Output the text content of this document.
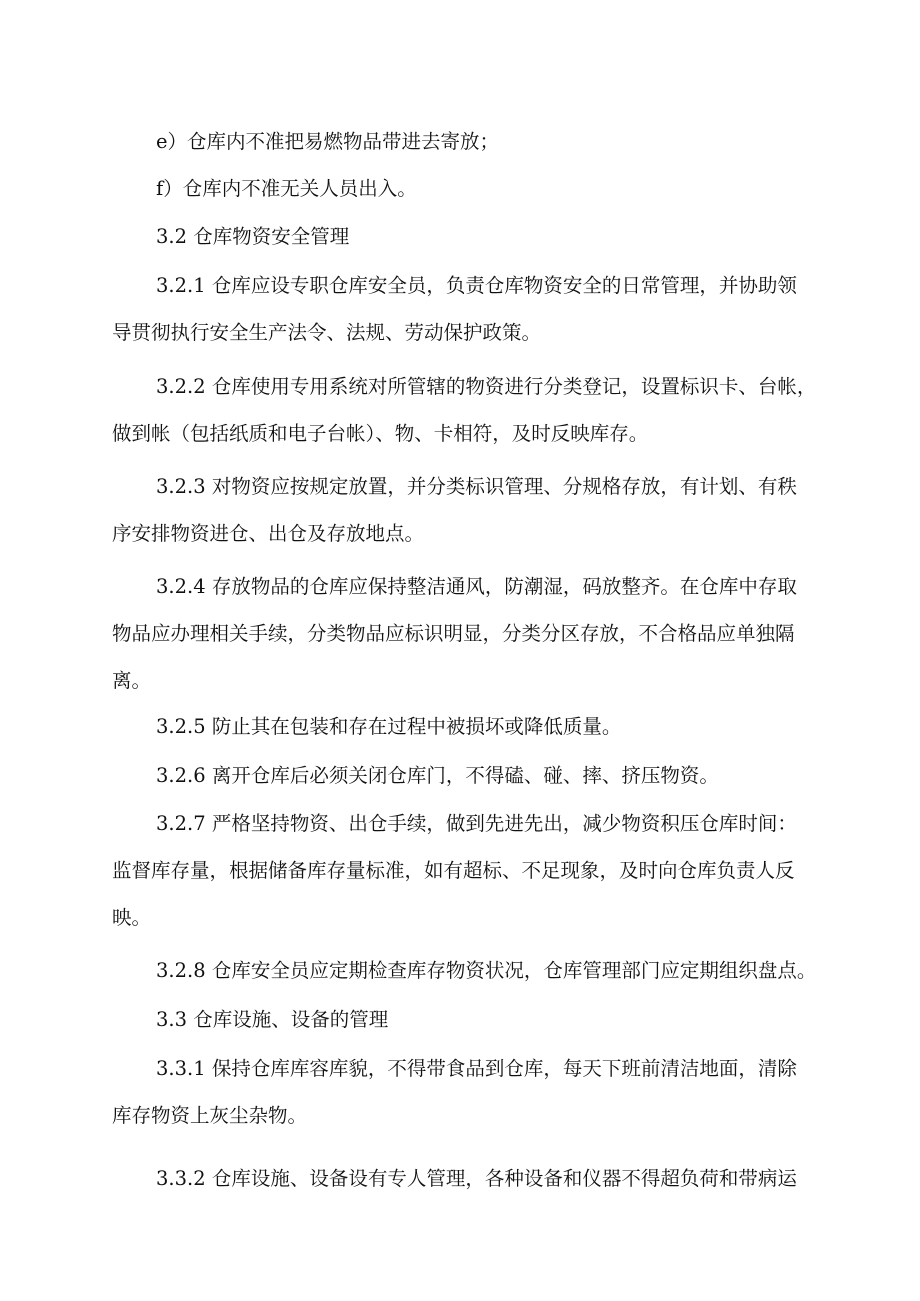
e）仓库内不准把易燃物品带进去寄放；

f）仓库内不准无关人员出入。

3.2 仓库物资安全管理

3.2.1 仓库应设专职仓库安全员，负责仓库物资安全的日常管理，并协助领
导贯彻执行安全生产法令、法规、劳动保护政策。

3.2.2 仓库使用专用系统对所管辖的物资进行分类登记，设置标识卡、台帐，
做到帐（包括纸质和电子台帐）、物、卡相符，及时反映库存。

3.2.3 对物资应按规定放置，并分类标识管理、分规格存放，有计划、有秩
序安排物资进仓、出仓及存放地点。

3.2.4 存放物品的仓库应保持整洁通风，防潮湿，码放整齐。在仓库中存取
物品应办理相关手续，分类物品应标识明显，分类分区存放，不合格品应单独隔
离。

3.2.5 防止其在包装和存在过程中被损坏或降低质量。

3.2.6 离开仓库后必须关闭仓库门，不得磕、碰、摔、挤压物资。

3.2.7 严格坚持物资、出仓手续，做到先进先出，减少物资积压仓库时间：
监督库存量，根据储备库存量标准，如有超标、不足现象，及时向仓库负责人反
映。

3.2.8 仓库安全员应定期检查库存物资状况，仓库管理部门应定期组织盘点。

3.3 仓库设施、设备的管理

3.3.1 保持仓库库容库貌，不得带食品到仓库，每天下班前清洁地面，清除
库存物资上灰尘杂物。

3.3.2 仓库设施、设备设有专人管理，各种设备和仪器不得超负荷和带病运
